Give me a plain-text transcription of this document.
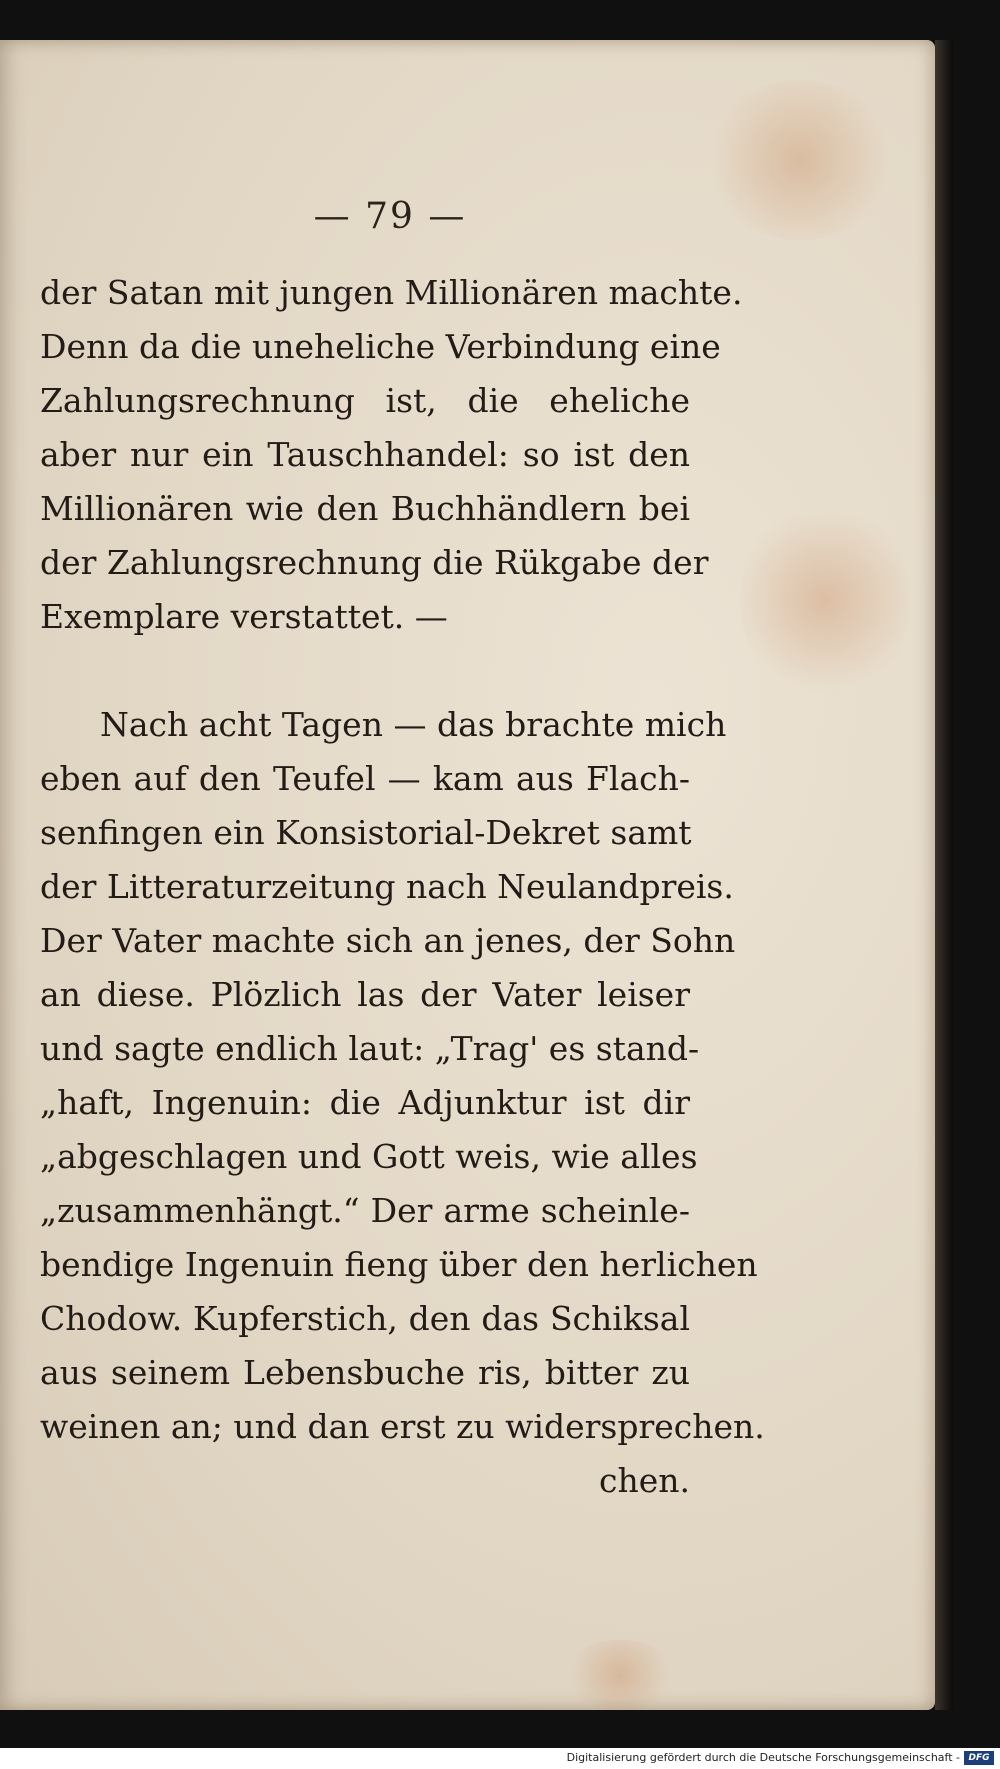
— 79 —
der Satan mit jungen Millionären machte.
Denn da die uneheliche Verbindung eine
Zahlungsrechnung ist, die eheliche
aber nur ein Tauschhandel: so ist den
Millionären wie den Buchhändlern bei
der Zahlungsrechnung die Rükgabe der
Exemplare verstattet. —
Nach acht Tagen — das brachte mich
eben auf den Teufel — kam aus Flach-
senfingen ein Konsistorial-Dekret samt
der Litteraturzeitung nach Neulandpreis.
Der Vater machte sich an jenes, der Sohn
an diese. Plözlich las der Vater leiser
und sagte endlich laut: „Trag' es stand-
„haft, Ingenuin: die Adjunktur ist dir
„abgeschlagen und Gott weis, wie alles
„zusammenhängt.“ Der arme scheinle-
bendige Ingenuin fieng über den herlichen
Chodow. Kupferstich, den das Schiksal
aus seinem Lebensbuche ris, bitter zu
weinen an; und dan erst zu widersprechen.
chen.
Digitalisierung gefördert durch die Deutsche Forschungsgemeinschaft - DFG
